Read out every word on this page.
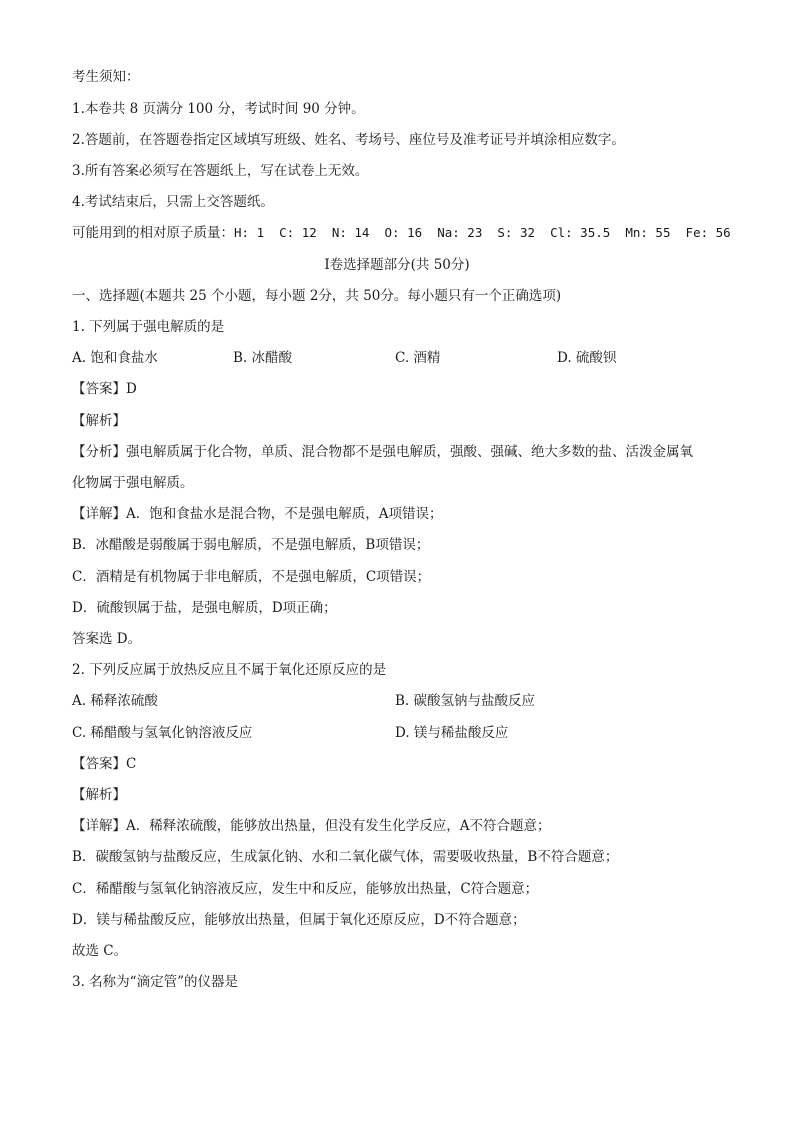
考生须知：
1.本卷共 8 页满分 100 分，考试时间 90 分钟。
2.答题前，在答题卷指定区域填写班级、姓名、考场号、座位号及准考证号并填涂相应数字。
3.所有答案必须写在答题纸上，写在试卷上无效。
4.考试结束后，只需上交答题纸。
可能用到的相对原子质量：H: 1  C: 12  N: 14  O: 16  Na: 23  S: 32  Cl: 35.5  Mn: 55  Fe: 56
Ⅰ卷选择题部分(共 50分)
一、选择题(本题共 25 个小题，每小题 2分，共 50分。每小题只有一个正确选项)
1. 下列属于强电解质的是
A. 饱和食盐水	B. 冰醋酸	C. 酒精	D. 硫酸钡
【答案】D
【解析】
【分析】强电解质属于化合物，单质、混合物都不是强电解质，强酸、强碱、绝大多数的盐、活泼金属氧
化物属于强电解质。
【详解】A．饱和食盐水是混合物，不是强电解质，A项错误；
B．冰醋酸是弱酸属于弱电解质，不是强电解质，B项错误；
C．酒精是有机物属于非电解质，不是强电解质，C项错误；
D．硫酸钡属于盐，是强电解质，D项正确；
答案选 D。
2. 下列反应属于放热反应且不属于氧化还原反应的是
A. 稀释浓硫酸	B. 碳酸氢钠与盐酸反应
C. 稀醋酸与氢氧化钠溶液反应	D. 镁与稀盐酸反应
【答案】C
【解析】
【详解】A．稀释浓硫酸，能够放出热量，但没有发生化学反应，A不符合题意；
B．碳酸氢钠与盐酸反应，生成氯化钠、水和二氧化碳气体，需要吸收热量，B不符合题意；
C．稀醋酸与氢氧化钠溶液反应，发生中和反应，能够放出热量，C符合题意；
D．镁与稀盐酸反应，能够放出热量，但属于氧化还原反应，D不符合题意；
故选 C。
3. 名称为“滴定管”的仪器是
